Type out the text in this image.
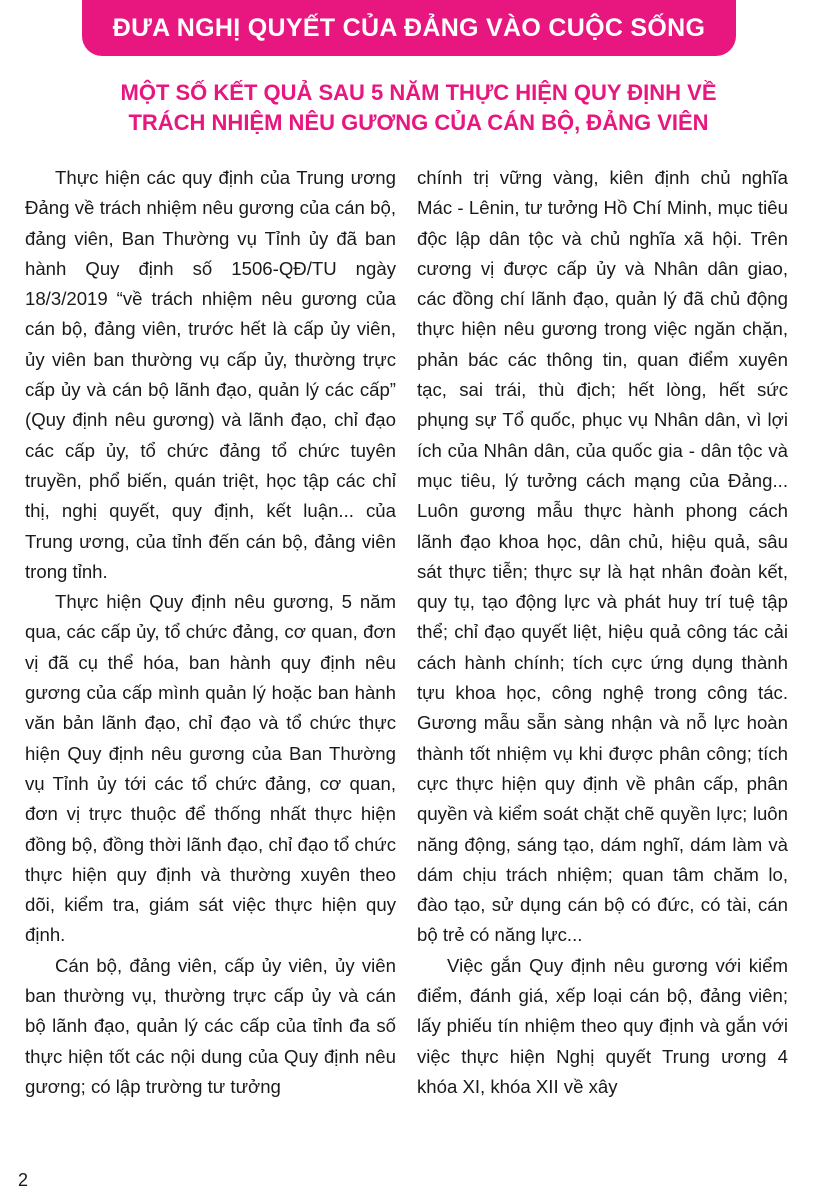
ĐƯA NGHỊ QUYẾT CỦA ĐẢNG VÀO CUỘC SỐNG
MỘT SỐ KẾT QUẢ SAU 5 NĂM THỰC HIỆN QUY ĐỊNH VỀ
TRÁCH NHIỆM NÊU GƯƠNG CỦA CÁN BỘ, ĐẢNG VIÊN

Thực hiện các quy định của Trung ương Đảng về trách nhiệm nêu gương của cán bộ, đảng viên, Ban Thường vụ Tỉnh ủy đã ban hành Quy định số 1506-QĐ/TU ngày 18/3/2019 “về trách nhiệm nêu gương của cán bộ, đảng viên, trước hết là cấp ủy viên, ủy viên ban thường vụ cấp ủy, thường trực cấp ủy và cán bộ lãnh đạo, quản lý các cấp” (Quy định nêu gương) và lãnh đạo, chỉ đạo các cấp ủy, tổ chức đảng tổ chức tuyên truyền, phổ biến, quán triệt, học tập các chỉ thị, nghị quyết, quy định, kết luận... của Trung ương, của tỉnh đến cán bộ, đảng viên trong tỉnh.

Thực hiện Quy định nêu gương, 5 năm qua, các cấp ủy, tổ chức đảng, cơ quan, đơn vị đã cụ thể hóa, ban hành quy định nêu gương của cấp mình quản lý hoặc ban hành văn bản lãnh đạo, chỉ đạo và tổ chức thực hiện Quy định nêu gương của Ban Thường vụ Tỉnh ủy tới các tổ chức đảng, cơ quan, đơn vị trực thuộc để thống nhất thực hiện đồng bộ, đồng thời lãnh đạo, chỉ đạo tổ chức thực hiện quy định và thường xuyên theo dõi, kiểm tra, giám sát việc thực hiện quy định.

Cán bộ, đảng viên, cấp ủy viên, ủy viên ban thường vụ, thường trực cấp ủy và cán bộ lãnh đạo, quản lý các cấp của tỉnh đa số thực hiện tốt các nội dung của Quy định nêu gương; có lập trường tư tưởng

chính trị vững vàng, kiên định chủ nghĩa Mác - Lênin, tư tưởng Hồ Chí Minh, mục tiêu độc lập dân tộc và chủ nghĩa xã hội. Trên cương vị được cấp ủy và Nhân dân giao, các đồng chí lãnh đạo, quản lý đã chủ động thực hiện nêu gương trong việc ngăn chặn, phản bác các thông tin, quan điểm xuyên tạc, sai trái, thù địch; hết lòng, hết sức phụng sự Tổ quốc, phục vụ Nhân dân, vì lợi ích của Nhân dân, của quốc gia - dân tộc và mục tiêu, lý tưởng cách mạng của Đảng... Luôn gương mẫu thực hành phong cách lãnh đạo khoa học, dân chủ, hiệu quả, sâu sát thực tiễn; thực sự là hạt nhân đoàn kết, quy tụ, tạo động lực và phát huy trí tuệ tập thể; chỉ đạo quyết liệt, hiệu quả công tác cải cách hành chính; tích cực ứng dụng thành tựu khoa học, công nghệ trong công tác. Gương mẫu sẵn sàng nhận và nỗ lực hoàn thành tốt nhiệm vụ khi được phân công; tích cực thực hiện quy định về phân cấp, phân quyền và kiểm soát chặt chẽ quyền lực; luôn năng động, sáng tạo, dám nghĩ, dám làm và dám chịu trách nhiệm; quan tâm chăm lo, đào tạo, sử dụng cán bộ có đức, có tài, cán bộ trẻ có năng lực...

Việc gắn Quy định nêu gương với kiểm điểm, đánh giá, xếp loại cán bộ, đảng viên; lấy phiếu tín nhiệm theo quy định và gắn với việc thực hiện Nghị quyết Trung ương 4 khóa XI, khóa XII về xây

2
